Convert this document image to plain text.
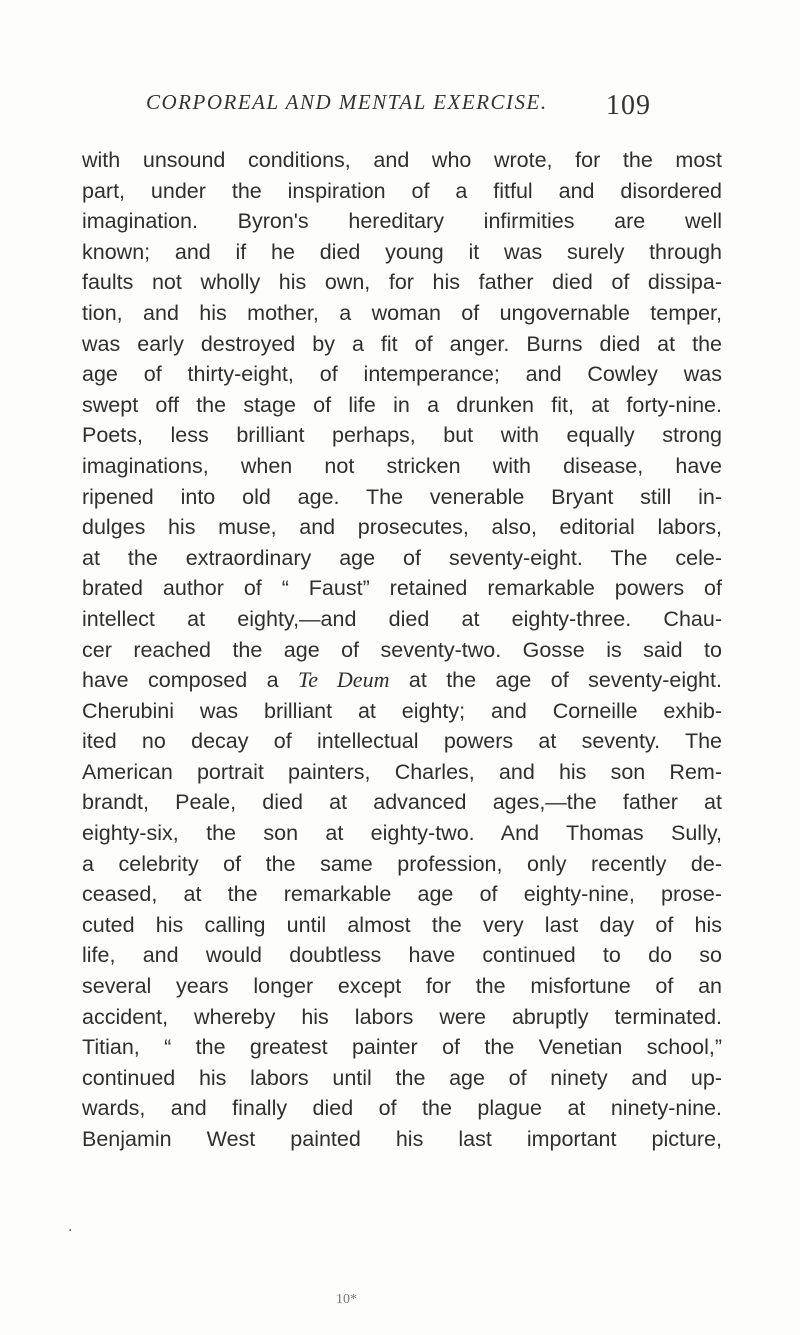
CORPOREAL AND MENTAL EXERCISE. 109
with unsound conditions, and who wrote, for the most
part, under the inspiration of a fitful and disordered
imagination. Byron's hereditary infirmities are well
known; and if he died young it was surely through
faults not wholly his own, for his father died of dissipa-
tion, and his mother, a woman of ungovernable temper,
was early destroyed by a fit of anger. Burns died at the
age of thirty-eight, of intemperance; and Cowley was
swept off the stage of life in a drunken fit, at forty-nine.
Poets, less brilliant perhaps, but with equally strong
imaginations, when not stricken with disease, have
ripened into old age. The venerable Bryant still in-
dulges his muse, and prosecutes, also, editorial labors,
at the extraordinary age of seventy-eight. The cele-
brated author of “ Faust” retained remarkable powers of
intellect at eighty,—and died at eighty-three. Chau-
cer reached the age of seventy-two. Gosse is said to
have composed a Te Deum at the age of seventy-eight.
Cherubini was brilliant at eighty; and Corneille exhib-
ited no decay of intellectual powers at seventy. The
American portrait painters, Charles, and his son Rem-
brandt, Peale, died at advanced ages,—the father at
eighty-six, the son at eighty-two. And Thomas Sully,
a celebrity of the same profession, only recently de-
ceased, at the remarkable age of eighty-nine, prose-
cuted his calling until almost the very last day of his
life, and would doubtless have continued to do so
several years longer except for the misfortune of an
accident, whereby his labors were abruptly terminated.
Titian, “ the greatest painter of the Venetian school,”
continued his labors until the age of ninety and up-
wards, and finally died of the plague at ninety-nine.
Benjamin West painted his last important picture,
.
10*
